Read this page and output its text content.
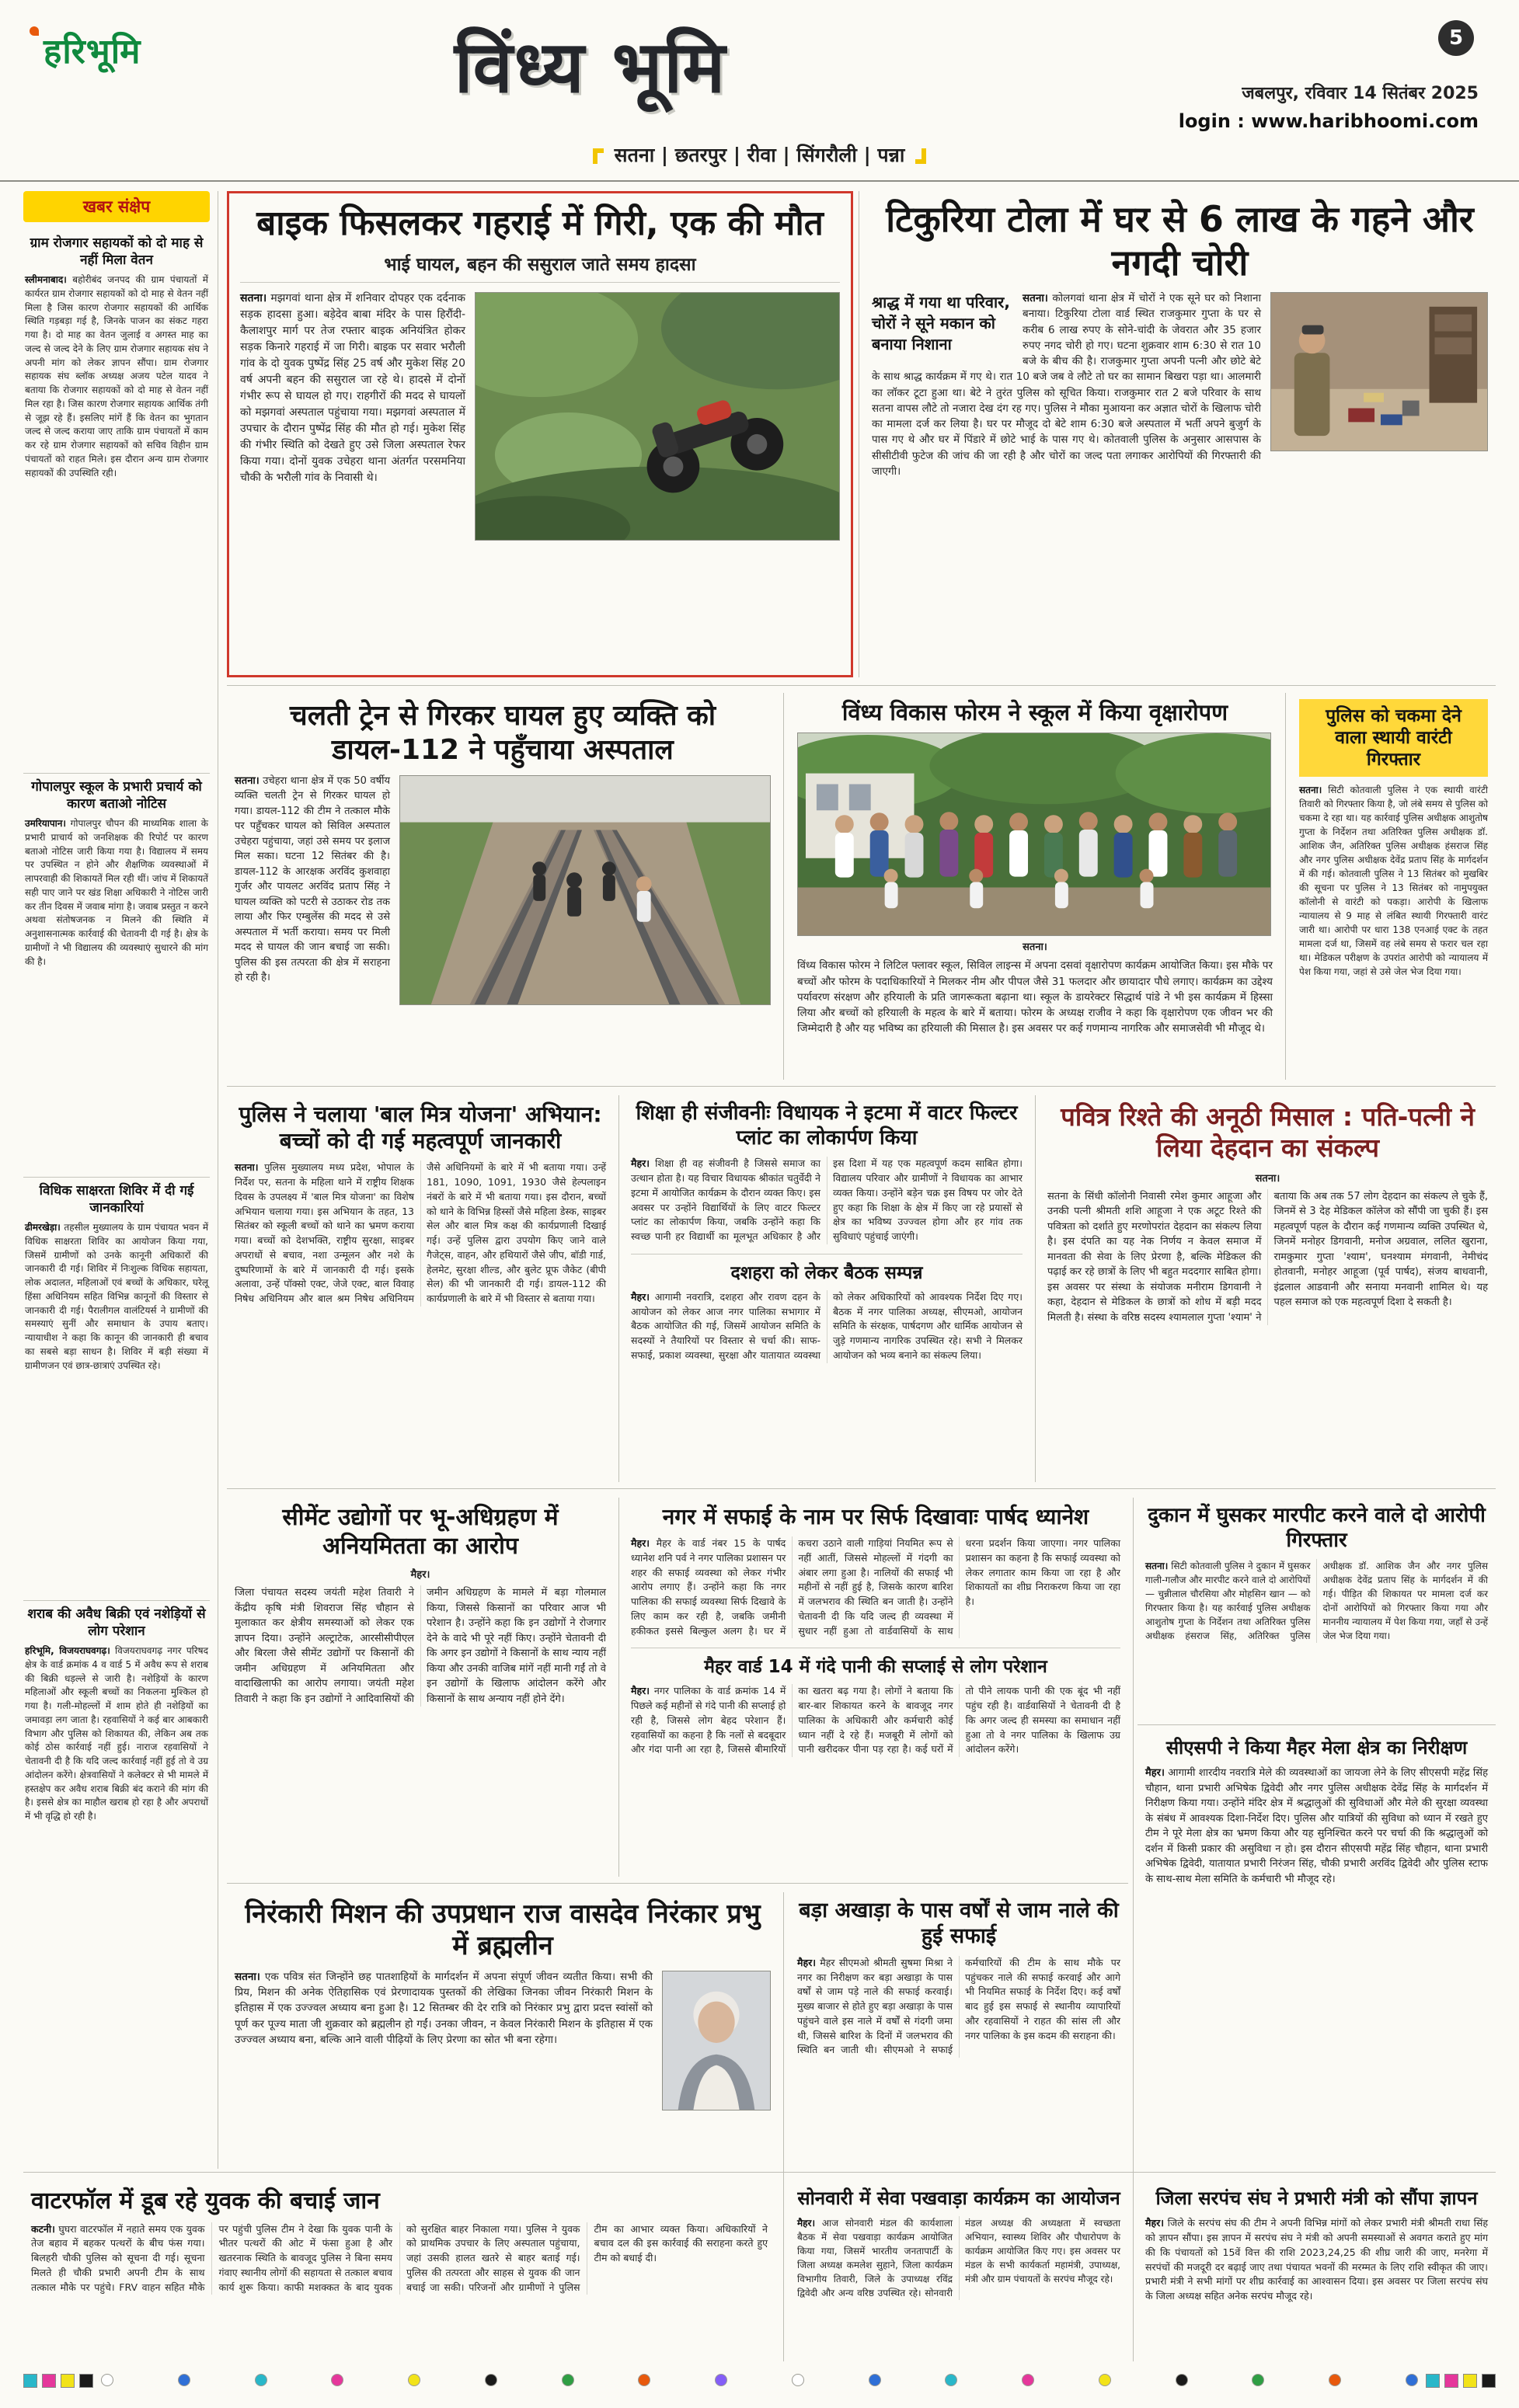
हरिभूमि	विंध्य भूमि	5
जबलपुर, रविवार 14 सितंबर 2025
login : www.haribhoomi.com
सतना | छतरपुर | रीवा | सिंगरौली | पन्ना
खबर संक्षेप
ग्राम रोजगार सहायकों को दो माह से नहीं मिला वेतन

स्लीमनाबाद। बहोरीबंद जनपद की ग्राम पंचायतों में कार्यरत ग्राम रोजगार सहायकों को दो माह से वेतन नहीं मिला है जिस कारण रोजगार सहायकों की आर्थिक स्थिति गड़बड़ा गई है, जिनके पाजन का संकट गहरा गया है। दो माह का वेतन जुलाई व अगस्त माह का जल्द से जल्द देने के लिए ग्राम रोजगार सहायक संघ ने अपनी मांग को लेकर ज्ञापन सौंपा। ग्राम रोजगार सहायक संघ ब्लॉक अध्यक्ष अजय पटेल यादव ने बताया कि रोजगार सहायकों को दो माह से वेतन नहीं मिल रहा है। जिस कारण रोजगार सहायक आर्थिक तंगी से जूझ रहे हैं। इसलिए मांगें हैं कि वेतन का भुगतान जल्द से जल्द कराया जाए ताकि ग्राम पंचायतों में काम कर रहे ग्राम रोजगार सहायकों को सचिव विहीन ग्राम पंचायतों को राहत मिले। इस दौरान अन्य ग्राम रोजगार सहायकों की उपस्थिति रही।

गोपालपुर स्कूल के प्रभारी प्रचार्य को कारण बताओ नोटिस

उमरियापान। गोपालपुर चौपन की माध्यमिक शाला के प्रभारी प्राचार्य को जनशिक्षक की रिपोर्ट पर कारण बताओ नोटिस जारी किया गया है। विद्यालय में समय पर उपस्थित न होने और शैक्षणिक व्यवस्थाओं में लापरवाही की शिकायतें मिल रही थीं। जांच में शिकायतें सही पाए जाने पर खंड शिक्षा अधिकारी ने नोटिस जारी कर तीन दिवस में जवाब मांगा है। जवाब प्रस्तुत न करने अथवा संतोषजनक न मिलने की स्थिति में अनुशासनात्मक कार्रवाई की चेतावनी दी गई है। क्षेत्र के ग्रामीणों ने भी विद्यालय की व्यवस्थाएं सुधारने की मांग की है।

विधिक साक्षरता शिविर में दी गई जानकारियां

ढीमरखेड़ा। तहसील मुख्यालय के ग्राम पंचायत भवन में विधिक साक्षरता शिविर का आयोजन किया गया, जिसमें ग्रामीणों को उनके कानूनी अधिकारों की जानकारी दी गई। शिविर में निःशुल्क विधिक सहायता, लोक अदालत, महिलाओं एवं बच्चों के अधिकार, घरेलू हिंसा अधिनियम सहित विभिन्न कानूनों की विस्तार से जानकारी दी गई। पैरालीगल वालंटियर्स ने ग्रामीणों की समस्याएं सुनीं और समाधान के उपाय बताए। न्यायाधीश ने कहा कि कानून की जानकारी ही बचाव का सबसे बड़ा साधन है। शिविर में बड़ी संख्या में ग्रामीणजन एवं छात्र-छात्राएं उपस्थित रहे।

शराब की अवैध बिक्री एवं नशेड़ियों से लोग परेशान

हरिभूमि, विजयराघवगढ़। विजयराघवगढ़ नगर परिषद क्षेत्र के वार्ड क्रमांक 4 व वार्ड 5 में अवैध रूप से शराब की बिक्री धड़ल्ले से जारी है। नशेड़ियों के कारण महिलाओं और स्कूली बच्चों का निकलना मुश्किल हो गया है। गली-मोहल्लों में शाम होते ही नशेड़ियों का जमावड़ा लग जाता है। रहवासियों ने कई बार आबकारी विभाग और पुलिस को शिकायत की, लेकिन अब तक कोई ठोस कार्रवाई नहीं हुई। नाराज रहवासियों ने चेतावनी दी है कि यदि जल्द कार्रवाई नहीं हुई तो वे उग्र आंदोलन करेंगे। क्षेत्रवासियों ने कलेक्टर से भी मामले में हस्तक्षेप कर अवैध शराब बिक्री बंद कराने की मांग की है। इससे क्षेत्र का माहौल खराब हो रहा है और अपराधों में भी वृद्धि हो रही है।

बाइक फिसलकर गहराई में गिरी, एक की मौत
भाई घायल, बहन की ससुराल जाते समय हादसा
सतना। मझगवां थाना क्षेत्र में शनिवार दोपहर एक दर्दनाक सड़क हादसा हुआ। बड़ेदेव बाबा मंदिर के पास हिरौंदी-कैलाशपुर मार्ग पर तेज रफ्तार बाइक अनियंत्रित होकर सड़क किनारे गहराई में जा गिरी। बाइक पर सवार भरौली गांव के दो युवक पुष्पेंद्र सिंह 25 वर्ष और मुकेश सिंह 20 वर्ष अपनी बहन की ससुराल जा रहे थे। हादसे में दोनों गंभीर रूप से घायल हो गए। राहगीरों की मदद से घायलों को मझगवां अस्पताल पहुंचाया गया। मझगवां अस्पताल में उपचार के दौरान पुष्पेंद्र सिंह की मौत हो गई। मुकेश सिंह की गंभीर स्थिति को देखते हुए उसे जिला अस्पताल रेफर किया गया। दोनों युवक उचेहरा थाना अंतर्गत परसमनिया चौकी के भरौली गांव के निवासी थे।
टिकुरिया टोला में घर से 6 लाख के गहने और नगदी चोरी
श्राद्ध में गया था परिवार, चोरों ने सूने मकान को बनाया निशाना
सतना। कोलगवां थाना क्षेत्र में चोरों ने एक सूने घर को निशाना बनाया। टिकुरिया टोला वार्ड स्थित राजकुमार गुप्ता के घर से करीब 6 लाख रुपए के सोने-चांदी के जेवरात और 35 हजार रुपए नगद चोरी हो गए। घटना शुक्रवार शाम 6:30 से रात 10 बजे के बीच की है। राजकुमार गुप्ता अपनी पत्नी और छोटे बेटे के साथ श्राद्ध कार्यक्रम में गए थे। रात 10 बजे जब वे लौटे तो घर का सामान बिखरा पड़ा था। आलमारी का लॉकर टूटा हुआ था। बेटे ने तुरंत पुलिस को सूचित किया। राजकुमार रात 2 बजे परिवार के साथ सतना वापस लौटे तो नजारा देख दंग रह गए। पुलिस ने मौका मुआयना कर अज्ञात चोरों के खिलाफ चोरी का मामला दर्ज कर लिया है। घर पर मौजूद दो बेटे शाम 6:30 बजे अस्पताल में भर्ती अपने बुजुर्ग के पास गए थे और घर में पिंडारे में छोटे भाई के पास गए थे। कोतवाली पुलिस के अनुसार आसपास के सीसीटीवी फुटेज की जांच की जा रही है और चोरों का जल्द पता लगाकर आरोपियों की गिरफ्तारी की जाएगी।
चलती ट्रेन से गिरकर घायल हुए व्यक्ति को डायल-112 ने पहुँचाया अस्पताल
सतना। उचेहरा थाना क्षेत्र में एक 50 वर्षीय व्यक्ति चलती ट्रेन से गिरकर घायल हो गया। डायल-112 की टीम ने तत्काल मौके पर पहुँचकर घायल को सिविल अस्पताल उचेहरा पहुंचाया, जहां उसे समय पर इलाज मिल सका। घटना 12 सितंबर की है। डायल-112 के आरक्षक अरविंद कुशवाहा गुर्जर और पायलट अरविंद प्रताप सिंह ने घायल व्यक्ति को पटरी से उठाकर रोड तक लाया और फिर एम्बुलेंस की मदद से उसे अस्पताल में भर्ती कराया। समय पर मिली मदद से घायल की जान बचाई जा सकी। पुलिस की इस तत्परता की क्षेत्र में सराहना हो रही है।
विंध्य विकास फोरम ने स्कूल में किया वृक्षारोपण
सतना।

विंध्य विकास फोरम ने लिटिल फ्लावर स्कूल, सिविल लाइन्स में अपना दसवां वृक्षारोपण कार्यक्रम आयोजित किया। इस मौके पर बच्चों और फोरम के पदाधिकारियों ने मिलकर नीम और पीपल जैसे 31 फलदार और छायादार पौधे लगाए। कार्यक्रम का उद्देश्य पर्यावरण संरक्षण और हरियाली के प्रति जागरूकता बढ़ाना था। स्कूल के डायरेक्टर सिद्धार्थ पांडे ने भी इस कार्यक्रम में हिस्सा लिया और बच्चों को हरियाली के महत्व के बारे में बताया। फोरम के अध्यक्ष राजीव ने कहा कि वृक्षारोपण एक जीवन भर की जिम्मेदारी है और यह भविष्य का हरियाली की मिसाल है। इस अवसर पर कई गणमान्य नागरिक और समाजसेवी भी मौजूद थे।

पुलिस को चकमा देने वाला स्थायी वारंटी गिरफ्तार

सतना। सिटी कोतवाली पुलिस ने एक स्थायी वारंटी तिवारी को गिरफ्तार किया है, जो लंबे समय से पुलिस को चकमा दे रहा था। यह कार्रवाई पुलिस अधीक्षक आशुतोष गुप्ता के निर्देशन तथा अतिरिक्त पुलिस अधीक्षक डॉ. आशिक जैन, अतिरिक्त पुलिस अधीक्षक हंसराज सिंह और नगर पुलिस अधीक्षक देवेंद्र प्रताप सिंह के मार्गदर्शन में की गई। कोतवाली पुलिस ने 13 सितंबर को मुखबिर की सूचना पर पुलिस ने 13 सितंबर को नामुपयुक्त कॉलोनी से वारंटी को पकड़ा। आरोपी के खिलाफ न्यायालय से 9 माह से लंबित स्थायी गिरफ्तारी वारंट जारी था। आरोपी पर धारा 138 एनआई एक्ट के तहत मामला दर्ज था, जिसमें वह लंबे समय से फरार चल रहा था। मेडिकल परीक्षण के उपरांत आरोपी को न्यायालय में पेश किया गया, जहां से उसे जेल भेज दिया गया।

पुलिस ने चलाया 'बाल मित्र योजना' अभियान: बच्चों को दी गई महत्वपूर्ण जानकारी

सतना। पुलिस मुख्यालय मध्य प्रदेश, भोपाल के निर्देश पर, सतना के महिला थाने में राष्ट्रीय शिक्षक दिवस के उपलक्ष्य में 'बाल मित्र योजना' का विशेष अभियान चलाया गया। इस अभियान के तहत, 13 सितंबर को स्कूली बच्चों को थाने का भ्रमण कराया गया। बच्चों को देशभक्ति, राष्ट्रीय सुरक्षा, साइबर अपराधों से बचाव, नशा उन्मूलन और नशे के दुष्परिणामों के बारे में जानकारी दी गई। इसके अलावा, उन्हें पॉक्सो एक्ट, जेजे एक्ट, बाल विवाह निषेध अधिनियम और बाल श्रम निषेध अधिनियम जैसे अधिनियमों के बारे में भी बताया गया। उन्हें 181, 1090, 1091, 1930 जैसे हेल्पलाइन नंबरों के बारे में भी बताया गया। इस दौरान, बच्चों को थाने के विभिन्न हिस्सों जैसे महिला डेस्क, साइबर सेल और बाल मित्र कक्ष की कार्यप्रणाली दिखाई गई। उन्हें पुलिस द्वारा उपयोग किए जाने वाले गैजेट्स, वाहन, और हथियारों जैसे जीप, बॉडी गार्ड, हेलमेट, सुरक्षा शील्ड, और बुलेट प्रूफ जैकेट (बीपी सेल) की भी जानकारी दी गई। डायल-112 की कार्यप्रणाली के बारे में भी विस्तार से बताया गया।

शिक्षा ही संजीवनीः विधायक ने इटमा में वाटर फिल्टर प्लांट का लोकार्पण किया

मैहर। शिक्षा ही वह संजीवनी है जिससे समाज का उत्थान होता है। यह विचार विधायक श्रीकांत चतुर्वेदी ने इटमा में आयोजित कार्यक्रम के दौरान व्यक्त किए। इस अवसर पर उन्होंने विद्यार्थियों के लिए वाटर फिल्टर प्लांट का लोकार्पण किया, जबकि उन्होंने कहा कि स्वच्छ पानी हर विद्यार्थी का मूलभूत अधिकार है और इस दिशा में यह एक महत्वपूर्ण कदम साबित होगा। विद्यालय परिवार और ग्रामीणों ने विधायक का आभार व्यक्त किया। उन्होंने बड़ेन चक्र इस विषय पर जोर देते हुए कहा कि शिक्षा के क्षेत्र में किए जा रहे प्रयासों से क्षेत्र का भविष्य उज्ज्वल होगा और हर गांव तक सुविधाएं पहुंचाई जाएंगी।

दशहरा को लेकर बैठक सम्पन्न

मैहर। आगामी नवरात्रि, दशहरा और रावण दहन के आयोजन को लेकर आज नगर पालिका सभागार में बैठक आयोजित की गई, जिसमें आयोजन समिति के सदस्यों ने तैयारियों पर विस्तार से चर्चा की। साफ-सफाई, प्रकाश व्यवस्था, सुरक्षा और यातायात व्यवस्था को लेकर अधिकारियों को आवश्यक निर्देश दिए गए। बैठक में नगर पालिका अध्यक्ष, सीएमओ, आयोजन समिति के संरक्षक, पार्षदगण और धार्मिक आयोजन से जुड़े गणमान्य नागरिक उपस्थित रहे। सभी ने मिलकर आयोजन को भव्य बनाने का संकल्प लिया।

पवित्र रिश्ते की अनूठी मिसाल : पति-पत्नी ने लिया देहदान का संकल्प
सतना।

सतना के सिंधी कॉलोनी निवासी रमेश कुमार आहूजा और उनकी पत्नी श्रीमती शशि आहूजा ने एक अटूट रिश्ते की पवित्रता को दर्शाते हुए मरणोपरांत देहदान का संकल्प लिया है। इस दंपति का यह नेक निर्णय न केवल समाज में मानवता की सेवा के लिए प्रेरणा है, बल्कि मेडिकल की पढ़ाई कर रहे छात्रों के लिए भी बहुत मददगार साबित होगा। इस अवसर पर संस्था के संयोजक मनीराम डिगवानी ने कहा, देहदान से मेडिकल के छात्रों को शोध में बड़ी मदद मिलती है। संस्था के वरिष्ठ सदस्य श्यामलाल गुप्ता 'श्याम' ने बताया कि अब तक 57 लोग देहदान का संकल्प ले चुके हैं, जिनमें से 3 देह मेडिकल कॉलेज को सौंपी जा चुकी हैं। इस महत्वपूर्ण पहल के दौरान कई गणमान्य व्यक्ति उपस्थित थे, जिनमें मनोहर डिगवानी, मनोज अग्रवाल, ललित खुराना, रामकुमार गुप्ता 'श्याम', घनश्याम मंगवानी, नेमीचंद होतवानी, मनोहर आहूजा (पूर्व पार्षद), संजय बाधवानी, इंद्रलाल आडवानी और सनाया मनवानी शामिल थे। यह पहल समाज को एक महत्वपूर्ण दिशा दे सकती है।

सीमेंट उद्योगों पर भू-अधिग्रहण में अनियमितता का आरोप
मैहर।

जिला पंचायत सदस्य जयंती महेश तिवारी ने केंद्रीय कृषि मंत्री शिवराज सिंह चौहान से मुलाकात कर क्षेत्रीय समस्याओं को लेकर एक ज्ञापन दिया। उन्होंने अल्ट्राटेक, आरसीसीपीएल और बिरला जैसे सीमेंट उद्योगों पर किसानों की जमीन अधिग्रहण में अनियमितता और वादाखिलाफी का आरोप लगाया। जयंती महेश तिवारी ने कहा कि इन उद्योगों ने आदिवासियों की जमीन अधिग्रहण के मामले में बड़ा गोलमाल किया, जिससे किसानों का परिवार आज भी परेशान है। उन्होंने कहा कि इन उद्योगों ने रोजगार देने के वादे भी पूरे नहीं किए। उन्होंने चेतावनी दी कि अगर इन उद्योगों ने किसानों के साथ न्याय नहीं किया और उनकी वाजिब मांगें नहीं मानी गईं तो वे इन उद्योगों के खिलाफ आंदोलन करेंगे और किसानों के साथ अन्याय नहीं होने देंगे।

नगर में सफाई के नाम पर सिर्फ दिखावाः पार्षद ध्यानेश

मैहर। मैहर के वार्ड नंबर 15 के पार्षद ध्यानेश शनि पर्व ने नगर पालिका प्रशासन पर शहर की सफाई व्यवस्था को लेकर गंभीर आरोप लगाए हैं। उन्होंने कहा कि नगर पालिका की सफाई व्यवस्था सिर्फ दिखावे के लिए काम कर रही है, जबकि जमीनी हकीकत इससे बिल्कुल अलग है। घर में कचरा उठाने वाली गाड़ियां नियमित रूप से नहीं आतीं, जिससे मोहल्लों में गंदगी का अंबार लगा हुआ है। नालियों की सफाई भी महीनों से नहीं हुई है, जिसके कारण बारिश में जलभराव की स्थिति बन जाती है। उन्होंने चेतावनी दी कि यदि जल्द ही व्यवस्था में सुधार नहीं हुआ तो वार्डवासियों के साथ धरना प्रदर्शन किया जाएगा। नगर पालिका प्रशासन का कहना है कि सफाई व्यवस्था को लेकर लगातार काम किया जा रहा है और शिकायतों का शीघ्र निराकरण किया जा रहा है।

मैहर वार्ड 14 में गंदे पानी की सप्लाई से लोग परेशान

मैहर। नगर पालिका के वार्ड क्रमांक 14 में पिछले कई महीनों से गंदे पानी की सप्लाई हो रही है, जिससे लोग बेहद परेशान हैं। रहवासियों का कहना है कि नलों से बदबूदार और गंदा पानी आ रहा है, जिससे बीमारियों का खतरा बढ़ गया है। लोगों ने बताया कि बार-बार शिकायत करने के बावजूद नगर पालिका के अधिकारी और कर्मचारी कोई ध्यान नहीं दे रहे हैं। मजबूरी में लोगों को पानी खरीदकर पीना पड़ रहा है। कई घरों में तो पीने लायक पानी की एक बूंद भी नहीं पहुंच रही है। वार्डवासियों ने चेतावनी दी है कि अगर जल्द ही समस्या का समाधान नहीं हुआ तो वे नगर पालिका के खिलाफ उग्र आंदोलन करेंगे।

दुकान में घुसकर मारपीट करने वाले दो आरोपी गिरफ्तार

सतना। सिटी कोतवाली पुलिस ने दुकान में घुसकर गाली-गलौज और मारपीट करने वाले दो आरोपियों — चुन्नीलाल चौरसिया और मोहसिन खान — को गिरफ्तार किया है। यह कार्रवाई पुलिस अधीक्षक आशुतोष गुप्ता के निर्देशन तथा अतिरिक्त पुलिस अधीक्षक हंसराज सिंह, अतिरिक्त पुलिस अधीक्षक डॉ. आशिक जैन और नगर पुलिस अधीक्षक देवेंद्र प्रताप सिंह के मार्गदर्शन में की गई। पीड़ित की शिकायत पर मामला दर्ज कर दोनों आरोपियों को गिरफ्तार किया गया और माननीय न्यायालय में पेश किया गया, जहाँ से उन्हें जेल भेज दिया गया।

सीएसपी ने किया मैहर मेला क्षेत्र का निरीक्षण

मैहर। आगामी शारदीय नवरात्रि मेले की व्यवस्थाओं का जायजा लेने के लिए सीएसपी महेंद्र सिंह चौहान, थाना प्रभारी अभिषेक द्विवेदी और नगर पुलिस अधीक्षक देवेंद्र सिंह के मार्गदर्शन में निरीक्षण किया गया। उन्होंने मंदिर क्षेत्र में श्रद्धालुओं की सुविधाओं और मेले की सुरक्षा व्यवस्था के संबंध में आवश्यक दिशा-निर्देश दिए। पुलिस और यात्रियों की सुविधा को ध्यान में रखते हुए टीम ने पूरे मेला क्षेत्र का भ्रमण किया और यह सुनिश्चित करने पर चर्चा की कि श्रद्धालुओं को दर्शन में किसी प्रकार की असुविधा न हो। इस दौरान सीएसपी महेंद्र सिंह चौहान, थाना प्रभारी अभिषेक द्विवेदी, यातायात प्रभारी निरंजन सिंह, चौकी प्रभारी अरविंद द्विवेदी और पुलिस स्टाफ के साथ-साथ मेला समिति के कर्मचारी भी मौजूद रहे।

निरंकारी मिशन की उपप्रधान राज वासदेव निरंकार प्रभु में ब्रह्मलीन
सतना। एक पवित्र संत जिन्होंने छह पातशाहियों के मार्गदर्शन में अपना संपूर्ण जीवन व्यतीत किया। सभी की प्रिय, मिशन की अनेक ऐतिहासिक एवं प्रेरणादायक पुस्तकों की लेखिका जिनका जीवन निरंकारी मिशन के इतिहास में एक उज्ज्वल अध्याय बना हुआ है। 12 सितम्बर की देर रात्रि को निरंकार प्रभु द्वारा प्रदत्त स्वांसों को पूर्ण कर पूज्य माता जी शुक्रवार को ब्रह्मलीन हो गईं। उनका जीवन, न केवल निरंकारी मिशन के इतिहास में एक उज्ज्वल अध्याय बना, बल्कि आने वाली पीढ़ियों के लिए प्रेरणा का स्रोत भी बना रहेगा।
बड़ा अखाड़ा के पास वर्षों से जाम नाले की हुई सफाई

मैहर। मैहर सीएमओ श्रीमती सुषमा मिश्रा ने नगर का निरीक्षण कर बड़ा अखाड़ा के पास वर्षों से जाम पड़े नाले की सफाई करवाई। मुख्य बाजार से होते हुए बड़ा अखाड़ा के पास पहुंचने वाले इस नाले में वर्षों से गंदगी जमा थी, जिससे बारिश के दिनों में जलभराव की स्थिति बन जाती थी। सीएमओ ने सफाई कर्मचारियों की टीम के साथ मौके पर पहुंचकर नाले की सफाई करवाई और आगे भी नियमित सफाई के निर्देश दिए। कई वर्षों बाद हुई इस सफाई से स्थानीय व्यापारियों और रहवासियों ने राहत की सांस ली और नगर पालिका के इस कदम की सराहना की।

वाटरफॉल में डूब रहे युवक की बचाई जान

कटनी। घुघरा वाटरफॉल में नहाते समय एक युवक तेज बहाव में बहकर पत्थरों के बीच फंस गया। बिलहरी चौकी पुलिस को सूचना दी गई। सूचना मिलते ही चौकी प्रभारी अपनी टीम के साथ तत्काल मौके पर पहुंचे। FRV वाहन सहित मौके पर पहुंची पुलिस टीम ने देखा कि युवक पानी के भीतर पत्थरों की ओट में फंसा हुआ है और खतरनाक स्थिति के बावजूद पुलिस ने बिना समय गंवाए स्थानीय लोगों की सहायता से तत्काल बचाव कार्य शुरू किया। काफी मशक्कत के बाद युवक को सुरक्षित बाहर निकाला गया। पुलिस ने युवक को प्राथमिक उपचार के लिए अस्पताल पहुंचाया, जहां उसकी हालत खतरे से बाहर बताई गई। पुलिस की तत्परता और साहस से युवक की जान बचाई जा सकी। परिजनों और ग्रामीणों ने पुलिस टीम का आभार व्यक्त किया। अधिकारियों ने बचाव दल की इस कार्रवाई की सराहना करते हुए टीम को बधाई दी।

सोनवारी में सेवा पखवाड़ा कार्यक्रम का आयोजन

मैहर। आज सोनवारी मंडल की कार्यशाला बैठक में सेवा पखवाड़ा कार्यक्रम आयोजित किया गया, जिसमें भारतीय जनतापार्टी के जिला अध्यक्ष कमलेश सुहाने, जिला कार्यक्रम विभागीय तिवारी, जिले के उपाध्यक्ष रविंद्र द्विवेदी और अन्य वरिष्ठ उपस्थित रहे। सोनवारी मंडल अध्यक्ष की अध्यक्षता में स्वच्छता अभियान, स्वास्थ्य शिविर और पौधारोपण के कार्यक्रम आयोजित किए गए। इस अवसर पर मंडल के सभी कार्यकर्ता महामंत्री, उपाध्यक्ष, मंत्री और ग्राम पंचायतों के सरपंच मौजूद रहे।

जिला सरपंच संघ ने प्रभारी मंत्री को सौंपा ज्ञापन

मैहर। जिले के सरपंच संघ की टीम ने अपनी विभिन्न मांगों को लेकर प्रभारी मंत्री श्रीमती राधा सिंह को ज्ञापन सौंपा। इस ज्ञापन में सरपंच संघ ने मंत्री को अपनी समस्याओं से अवगत कराते हुए मांग की कि पंचायतों को 15वें वित्त की राशि 2023,24,25 की शीघ्र जारी की जाए, मनरेगा में सरपंचों की मजदूरी दर बढ़ाई जाए तथा पंचायत भवनों की मरम्मत के लिए राशि स्वीकृत की जाए। प्रभारी मंत्री ने सभी मांगों पर शीघ्र कार्रवाई का आश्वासन दिया। इस अवसर पर जिला सरपंच संघ के जिला अध्यक्ष सहित अनेक सरपंच मौजूद रहे।
